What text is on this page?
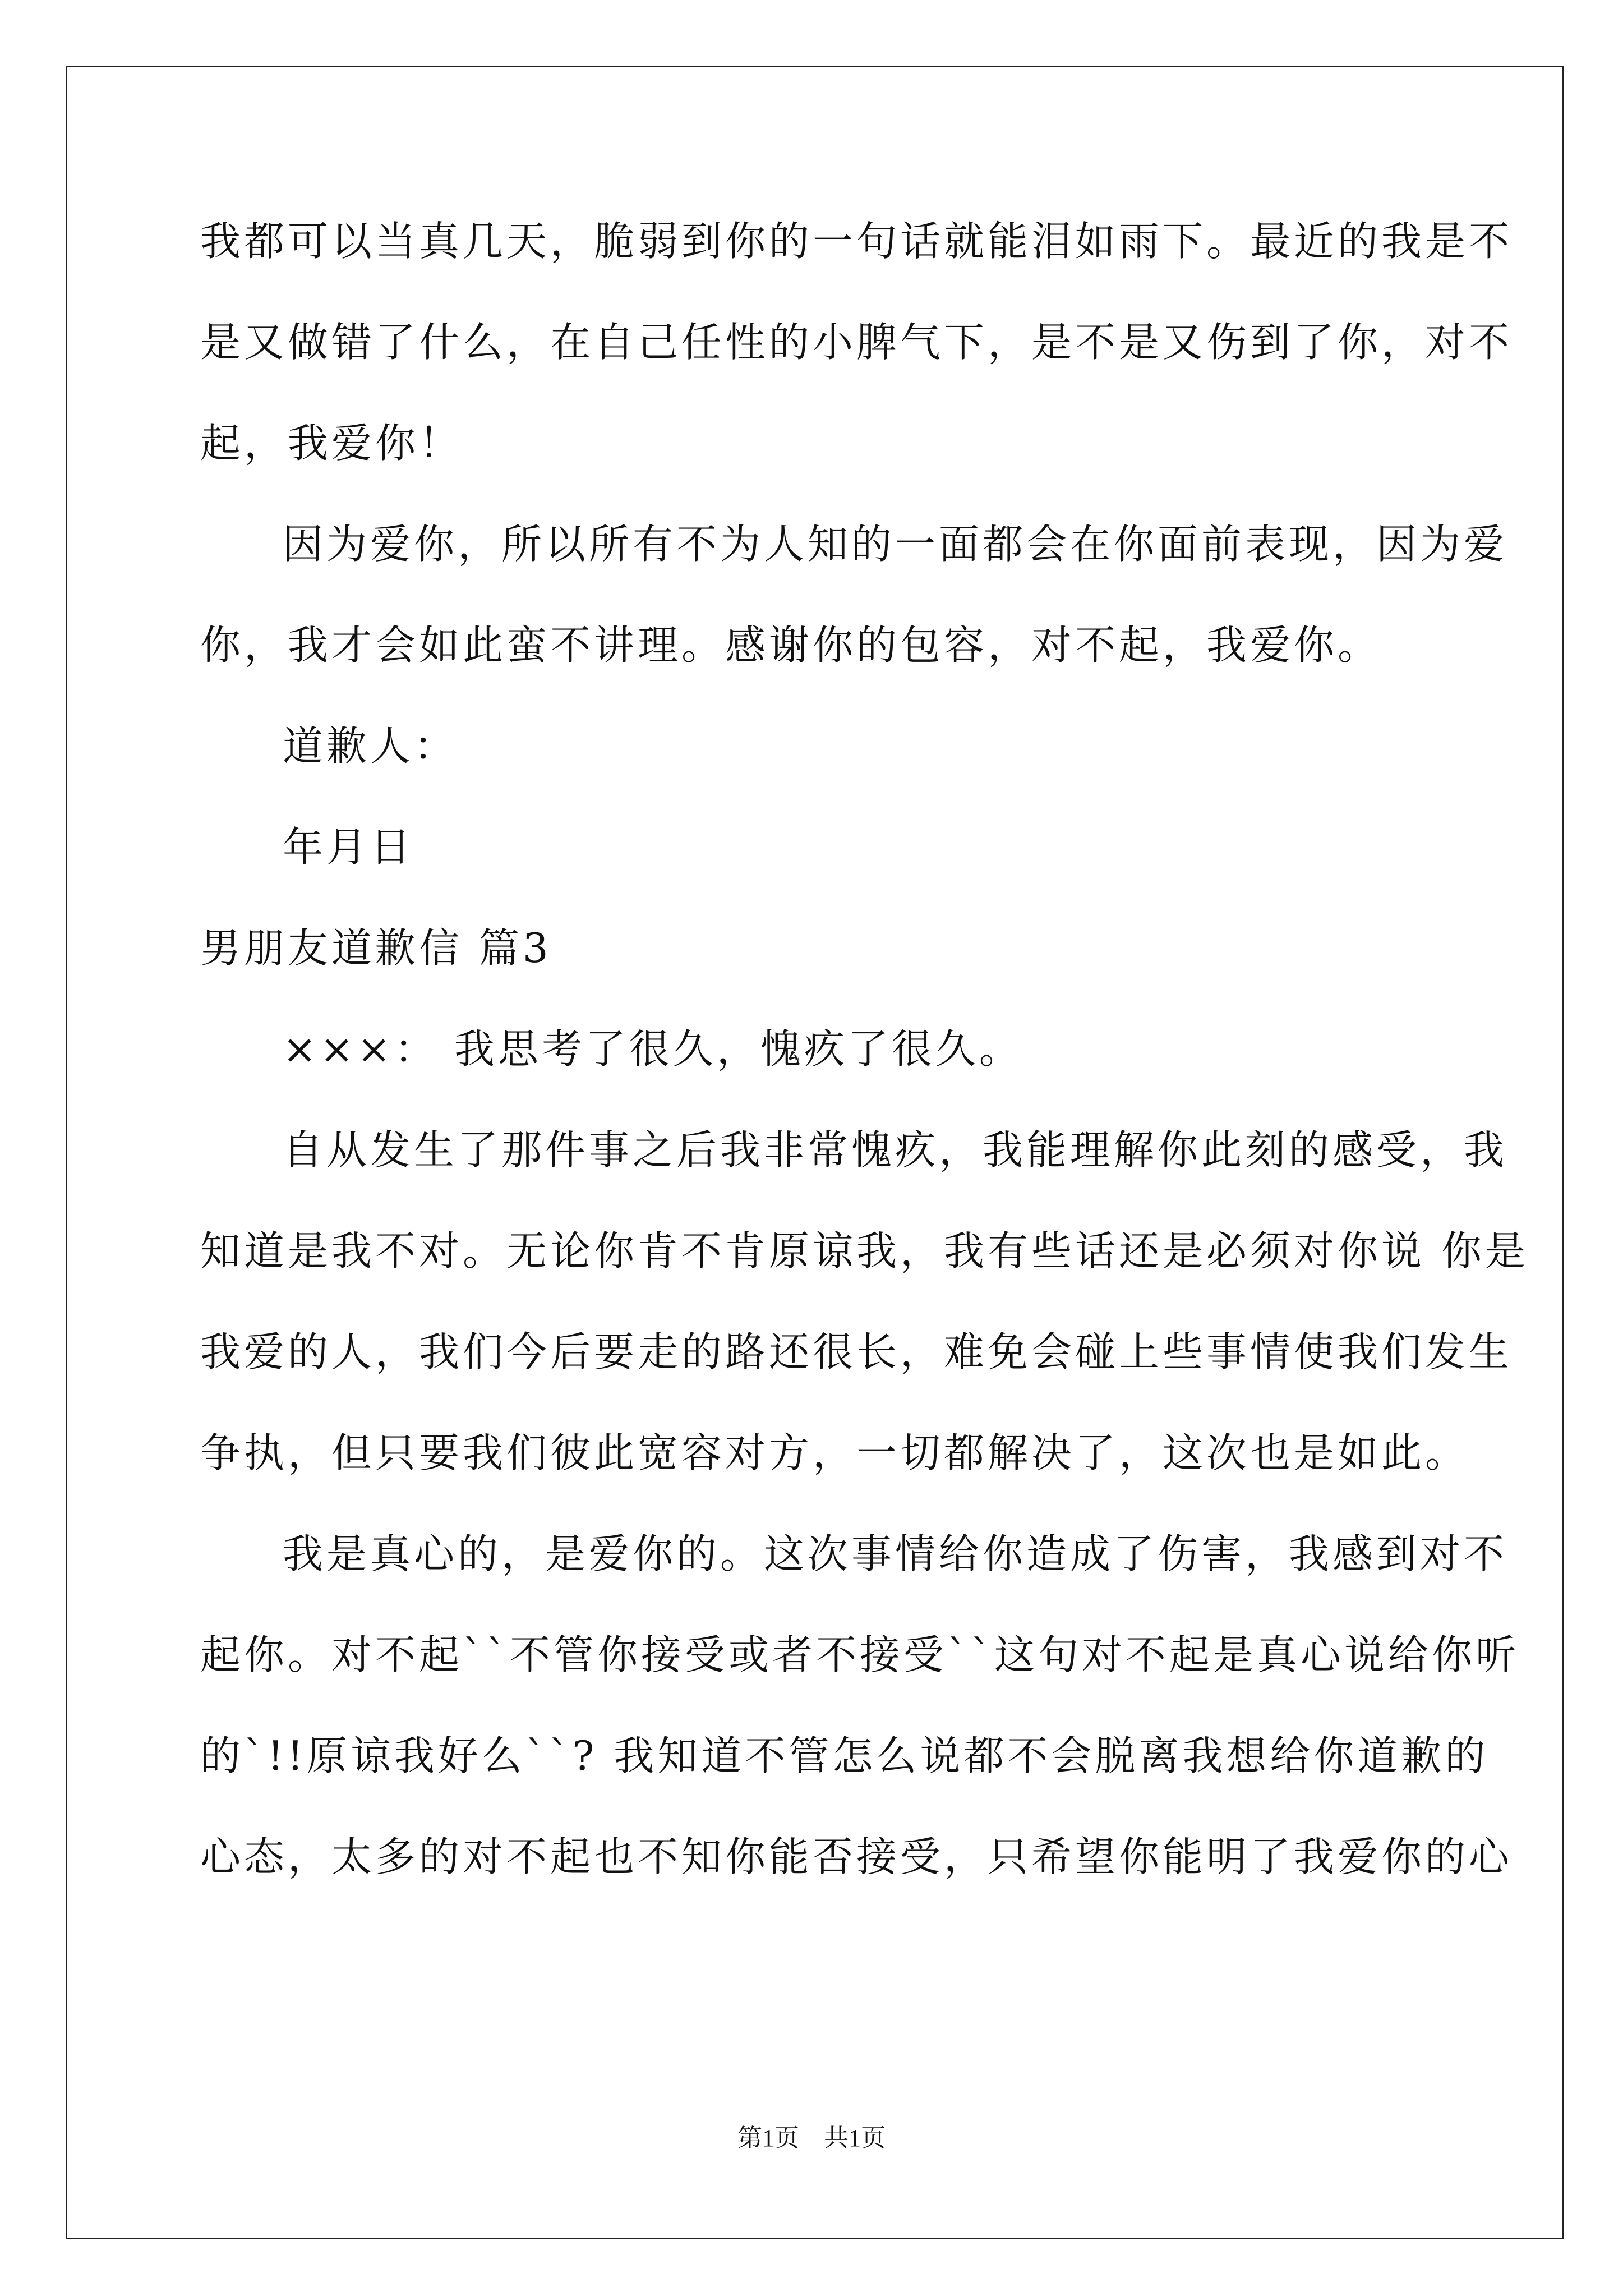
我都可以当真几天，脆弱到你的一句话就能泪如雨下。最近的我是不
是又做错了什么，在自己任性的小脾气下，是不是又伤到了你，对不
起，我爱你！
因为爱你，所以所有不为人知的一面都会在你面前表现，因为爱
你，我才会如此蛮不讲理。感谢你的包容，对不起，我爱你。
道歉人：
年月日
男朋友道歉信 篇3
×××： 我思考了很久，愧疚了很久。
自从发生了那件事之后我非常愧疚，我能理解你此刻的感受，我
知道是我不对。无论你肯不肯原谅我，我有些话还是必须对你说 你是
我爱的人，我们今后要走的路还很长，难免会碰上些事情使我们发生
争执，但只要我们彼此宽容对方，一切都解决了，这次也是如此。
我是真心的，是爱你的。这次事情给你造成了伤害，我感到对不
起你。对不起``不管你接受或者不接受``这句对不起是真心说给你听
的`!!原谅我好么``? 我知道不管怎么说都不会脱离我想给你道歉的
心态，太多的对不起也不知你能否接受，只希望你能明了我爱你的心
第1页　共1页
